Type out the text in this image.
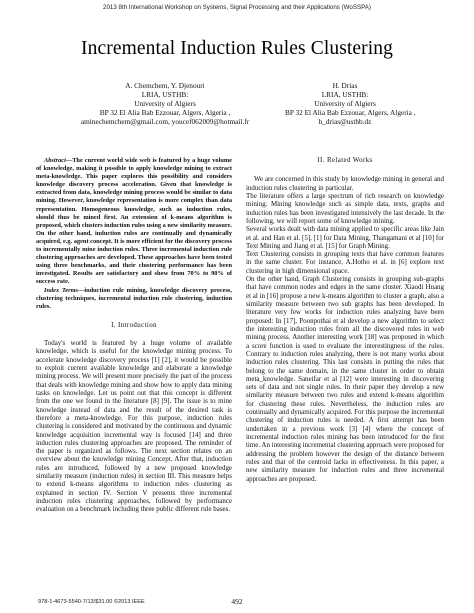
2013 8th International Workshop on Systems, Signal Processing and their Applications (WoSSPA)
Incremental Induction Rules Clustering
A. Chemchem, Y. Djenouri
LRIA, USTHB:
University of Algiers
BP 32 El Alia Bab Ezzouar, Algers, Algeria ,
aminechemchem@gmail.com, youcef062009@hotmail.fr
H. Drias
LRIA, USTHB:
University of Algiers
BP 32 El Alia Bab Ezzouar, Algers, Algeria ,
h_drias@usthb.dz

Abstract—The current world wide web is featured by a huge volume of knowledge, making it possible to apply knowledge mining to extract meta-knowledge. This paper explores this possibility and considers knowledge discovery process acceleration. Given that knowledge is extracted from data, knowledge mining process would be similar to data mining. However, knowledge representation is more complex than data representation. Homogeneous knowledge, such as induction rules, should thus be mined first. An extension of k-means algorithm is proposed, which clusters induction rules using a new similarity measure. On the other hand, induction rules are continually and dynamically acquired, e.g. agent concept. It is more efficient for the discovery process to incrementally mine induction rules. Three incremental induction rule clustering approaches are developed. These approaches have been tested using three benchmarks, and their clustering performance has been investigated. Results are satisfactory and show from 70% to 90% of success rate.

Index Terms—induction rule mining, knowledge discovery process, clustering techniques, incremental induction rule clustering, induction rules.

I. Introduction

Today's world is featured by a huge volume of available knowledge, which is useful for the knowledge mining process. To accelerate knowledge discovery process [1] [2], it would be possible to exploit current available knowledge and elaborate a knowledge mining process. We will present more precisely the part of the process that deals with knowledge mining and show how to apply data mining tasks on knowledge. Let us point out that this concept is different from the one we found in the literature [8] [9]. The issue is to mine knowledge instead of data and the result of the desired task is therefore a meta-knowledge. For this purpose, induction rules clustering is considered and motivated by the continuous and dynamic knowledge acquisition incremental way is focused [14] and three induction rules clustering approaches are proposed. The reminder of the paper is organized as follows. The next section relates on an overview about the knowledge mining Concept. After that, induction rules are introduced, followed by a new proposed knowledge similarity measure (induction rules) in section III. This measure helps to extend k-means algorithms to induction rules clustering as explained in section IV. Section V presents three incremental induction rules clustering approaches, followed by performance evaluation on a benchmark including three public different rule bases.

II. Related Works

We are concerned in this study by knowledge mining in general and induction rules clustering in particular.

The literature offers a large spectrum of rich research on knowledge mining. Mining knowledge such as simple data, texts, graphs and induction rules has been investigated intensively the last decade. In the following, we will report some of knowledge mining.

Several works dealt with data mining applied to specific areas like Jain et al. and Han et al. [5], [1] for Data Mining, Thangamani et al [10] for Text Mining and Jiang et al. [15] for Graph Mining.

Text Clustering consists in grouping texts that have common features in the same cluster. For instance, A.Hotho et al. in [6] explore text clustering in high dimensional space.

On the other hand, Graph Clustering consists in grouping sub-graphs that have common nodes and edges in the same cluster. Xiaodi Huang et al in [16] propose a new k-means algorithm to cluster a graph, also a similarity measure between two sub graphs has been developed. In literature very few works for induction rules analyzing have been proposed: In [17], Poonpothai et al develop a new algorithm to select the interesting induction rules from all the discovered rules in web mining process. Another interesting work [18] was proposed in which a score function is used to evaluate the interestingness of the rules. Contrary to induction rules analyzing, there is not many works about induction rules clustering. This last consists in putting the rules that belong to the same domain, in the same cluster in order to obtain meta_knowledge. Saneifar et al [12] were interesting in discovering sets of data and not single rules. In their paper they develop a new similarity measure between two rules and extend k-means algorithm for clustering these rules. Nevertheless, the induction rules are continually and dynamically acquired. For this purpose the incremental clustering of induction rules is needed. A first attempt has been undertaken in a previous work [3] [4] where the concept of incremental induction rules mining has been introduced for the first time. An interesting incremental clustering approach were proposed for addressing the problem however the design of the distance between rules and that of the centroid lacks in effectiveness. In this paper, a new similarity measure for induction rules and three incremental approaches are proposed.

978-1-4673-5540-7/13/$31.00 ©2013 IEEE	492
